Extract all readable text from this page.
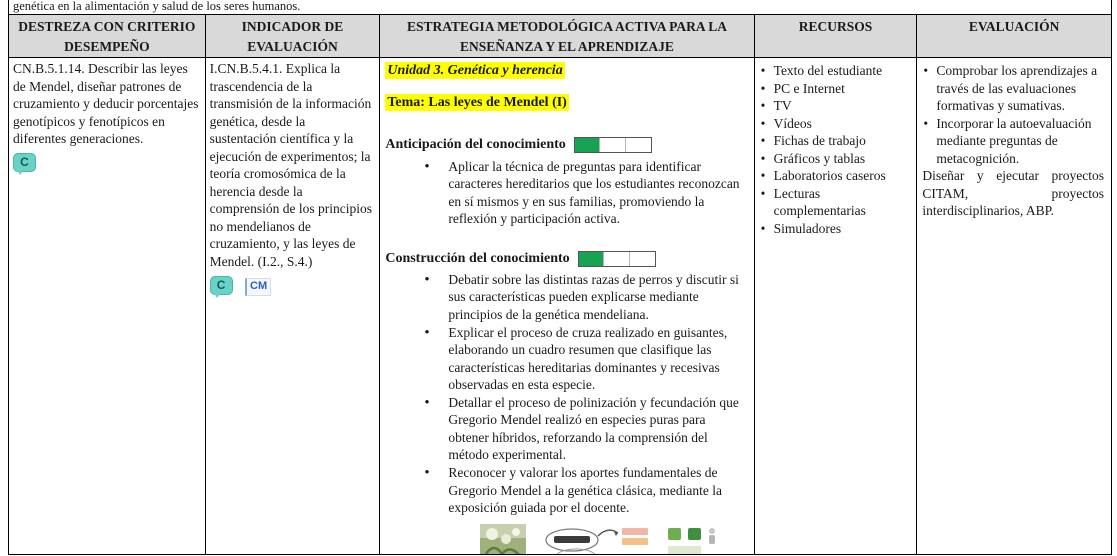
genética en la alimentación y salud de los seres humanos.
DESTREZA CON CRITERIO DESEMPEÑO
INDICADOR DE EVALUACIÓN
ESTRATEGIA METODOLÓGICA ACTIVA PARA LA ENSEÑANZA Y EL APRENDIZAJE
RECURSOS	EVALUACIÓN
CN.B.5.1.14. Describir las leyes de Mendel, diseñar patrones de cruzamiento y deducir porcentajes genotípicos y fenotípicos en diferentes generaciones.
C
I.CN.B.5.4.1. Explica la trascendencia de la transmisión de la información genética, desde la sustentación científica y la ejecución de experimentos; la teoría cromosómica de la herencia desde la comprensión de los principios no mendelianos de cruzamiento, y las leyes de Mendel. (I.2., S.4.)
C CM
Unidad 3. Genética y herencia
Tema: Las leyes de Mendel (I)
Anticipación del conocimiento
• Aplicar la técnica de preguntas para identificar caracteres hereditarios que los estudiantes reconozcan en sí mismos y en sus familias, promoviendo la reflexión y participación activa.
Construcción del conocimiento
• Debatir sobre las distintas razas de perros y discutir si sus características pueden explicarse mediante principios de la genética mendeliana.
• Explicar el proceso de cruza realizado en guisantes, elaborando un cuadro resumen que clasifique las características hereditarias dominantes y recesivas observadas en esta especie.
• Detallar el proceso de polinización y fecundación que Gregorio Mendel realizó en especies puras para obtener híbridos, reforzando la comprensión del método experimental.
• Reconocer y valorar los aportes fundamentales de Gregorio Mendel a la genética clásica, mediante la exposición guiada por el docente.
• Texto del estudiante
• PC e Internet
• TV
• Vídeos
• Fichas de trabajo
• Gráficos y tablas
• Laboratorios caseros
• Lecturas complementarias
• Simuladores
• Comprobar los aprendizajes a través de las evaluaciones formativas y sumativas.
• Incorporar la autoevaluación mediante preguntas de metacognición.

Diseñar y ejecutar proyectos CITAM, proyectos interdisciplinarios, ABP.
